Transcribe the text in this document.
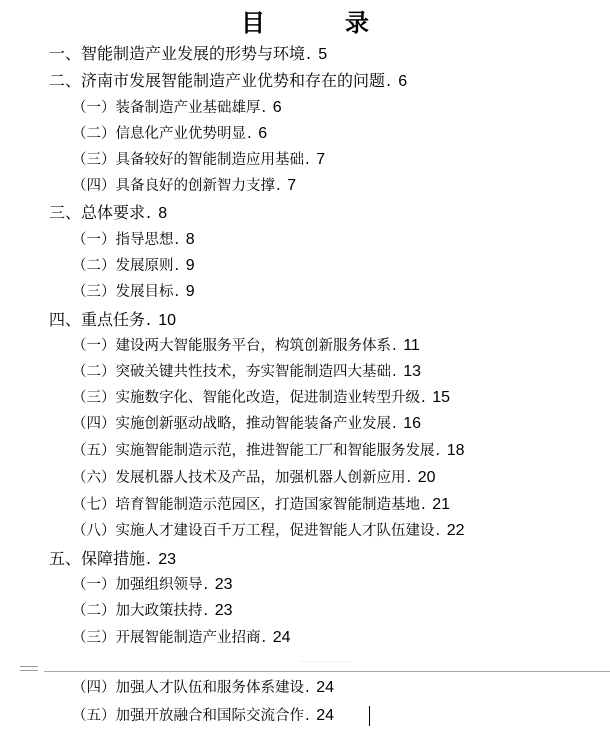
目　录
一、智能制造产业发展的形势与环境. 5
二、济南市发展智能制造产业优势和存在的问题. 6
（一）装备制造产业基础雄厚. 6
（二）信息化产业优势明显. 6
（三）具备较好的智能制造应用基础. 7
（四）具备良好的创新智力支撑. 7
三、总体要求. 8
（一）指导思想. 8
（二）发展原则. 9
（三）发展目标. 9
四、重点任务. 10
（一）建设两大智能服务平台，构筑创新服务体系. 11
（二）突破关键共性技术，夯实智能制造四大基础. 13
（三）实施数字化、智能化改造，促进制造业转型升级. 15
（四）实施创新驱动战略，推动智能装备产业发展. 16
（五）实施智能制造示范，推进智能工厂和智能服务发展. 18
（六）发展机器人技术及产品，加强机器人创新应用. 20
（七）培育智能制造示范园区，打造国家智能制造基地. 21
（八）实施人才建设百千万工程，促进智能人才队伍建设. 22
五、保障措施. 23
（一）加强组织领导. 23
（二）加大政策扶持. 23
（三）开展智能制造产业招商. 24
（四）加强人才队伍和服务体系建设. 24
（五）加强开放融合和国际交流合作. 24
